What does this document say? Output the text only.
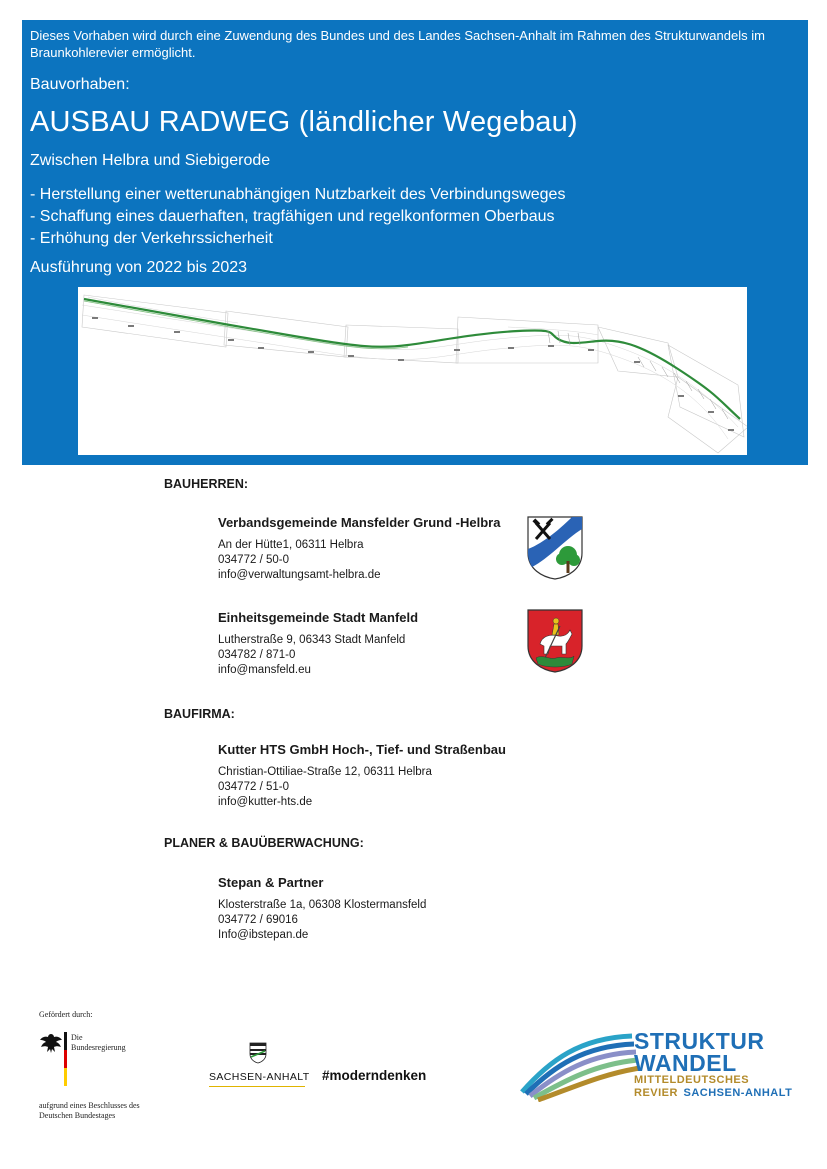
Dieses Vorhaben wird durch eine Zuwendung des Bundes und des Landes Sachsen-Anhalt im Rahmen des Strukturwandels im Braunkohlerevier ermöglicht.
Bauvorhaben:
AUSBAU RADWEG (ländlicher Wegebau)
Zwischen Helbra und Siebigerode
- Herstellung einer wetterunabhängigen Nutzbarkeit des Verbindungsweges
- Schaffung eines dauerhaften, tragfähigen und regelkonformen Oberbaus
- Erhöhung der Verkehrssicherheit
Ausführung von 2022 bis 2023
BAUHERREN:
Verbandsgemeinde Mansfelder Grund -Helbra
An der Hütte1, 06311 Helbra
034772 / 50-0
info@verwaltungsamt-helbra.de
Einheitsgemeinde Stadt Manfeld
Lutherstraße 9, 06343 Stadt Manfeld
034782 / 871-0
info@mansfeld.eu
BAUFIRMA:
Kutter HTS GmbH Hoch-, Tief- und Straßenbau
Christian-Ottiliae-Straße 12, 06311 Helbra
034772 / 51-0
info@kutter-hts.de
PLANER & BAUÜBERWACHUNG:
Stepan & Partner
Klosterstraße 1a, 06308 Klostermansfeld
034772 / 69016
Info@ibstepan.de
Gefördert durch:
Die Bundesregierung
aufgrund eines Beschlusses des Deutschen Bundestages
SACHSEN-ANHALT #moderndenken
STRUKTUR
WANDEL
MITTELDEUTSCHES
REVIER SACHSEN-ANHALT
